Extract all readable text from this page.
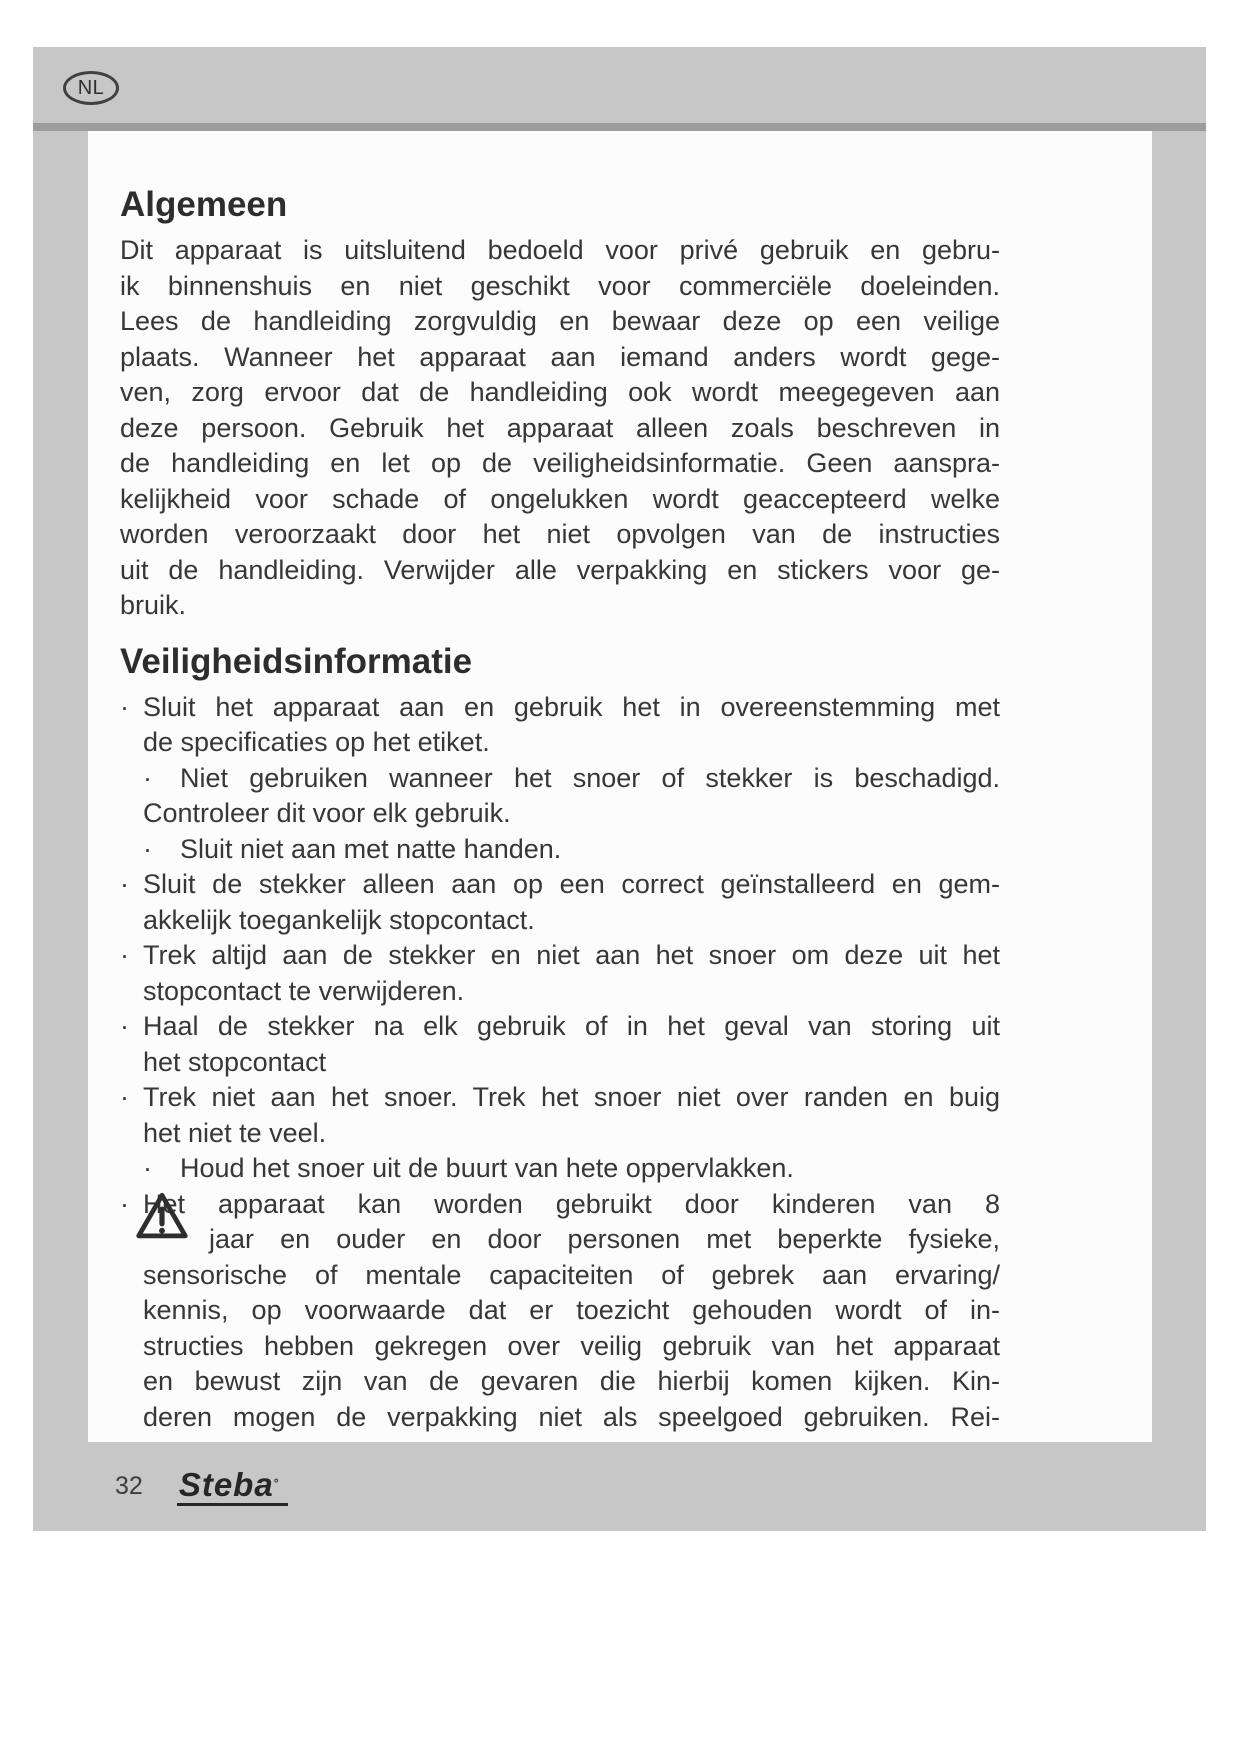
NL
Algemeen
Dit apparaat is uitsluitend bedoeld voor privé gebruik en gebru-
ik binnenshuis en niet geschikt voor commerciële doeleinden.
Lees de handleiding zorgvuldig en bewaar deze op een veilige
plaats. Wanneer het apparaat aan iemand anders wordt gege-
ven, zorg ervoor dat de handleiding ook wordt meegegeven aan
deze persoon. Gebruik het apparaat alleen zoals beschreven in
de handleiding en let op de veiligheidsinformatie. Geen aanspra-
kelijkheid voor schade of ongelukken wordt geaccepteerd welke
worden veroorzaakt door het niet opvolgen van de instructies
uit de handleiding. Verwijder alle verpakking en stickers voor ge-
bruik.
Veiligheidsinformatie
· Sluit het apparaat aan en gebruik het in overeenstemming met
de specificaties op het etiket.
· Niet gebruiken wanneer het snoer of stekker is beschadigd.
Controleer dit voor elk gebruik.
· Sluit niet aan met natte handen.
· Sluit de stekker alleen aan op een correct geïnstalleerd en gem-
akkelijk toegankelijk stopcontact.
· Trek altijd aan de stekker en niet aan het snoer om deze uit het
stopcontact te verwijderen.
· Haal de stekker na elk gebruik of in het geval van storing uit
het stopcontact
· Trek niet aan het snoer. Trek het snoer niet over randen en buig
het niet te veel.
· Houd het snoer uit de buurt van hete oppervlakken.
· Het apparaat kan worden gebruikt door kinderen van 8
jaar en ouder en door personen met beperkte fysieke,
sensorische of mentale capaciteiten of gebrek aan ervaring/
kennis, op voorwaarde dat er toezicht gehouden wordt of in-
structies hebben gekregen over veilig gebruik van het apparaat
en bewust zijn van de gevaren die hierbij komen kijken. Kin-
deren mogen de verpakking niet als speelgoed gebruiken. Rei-
32 Steba°
